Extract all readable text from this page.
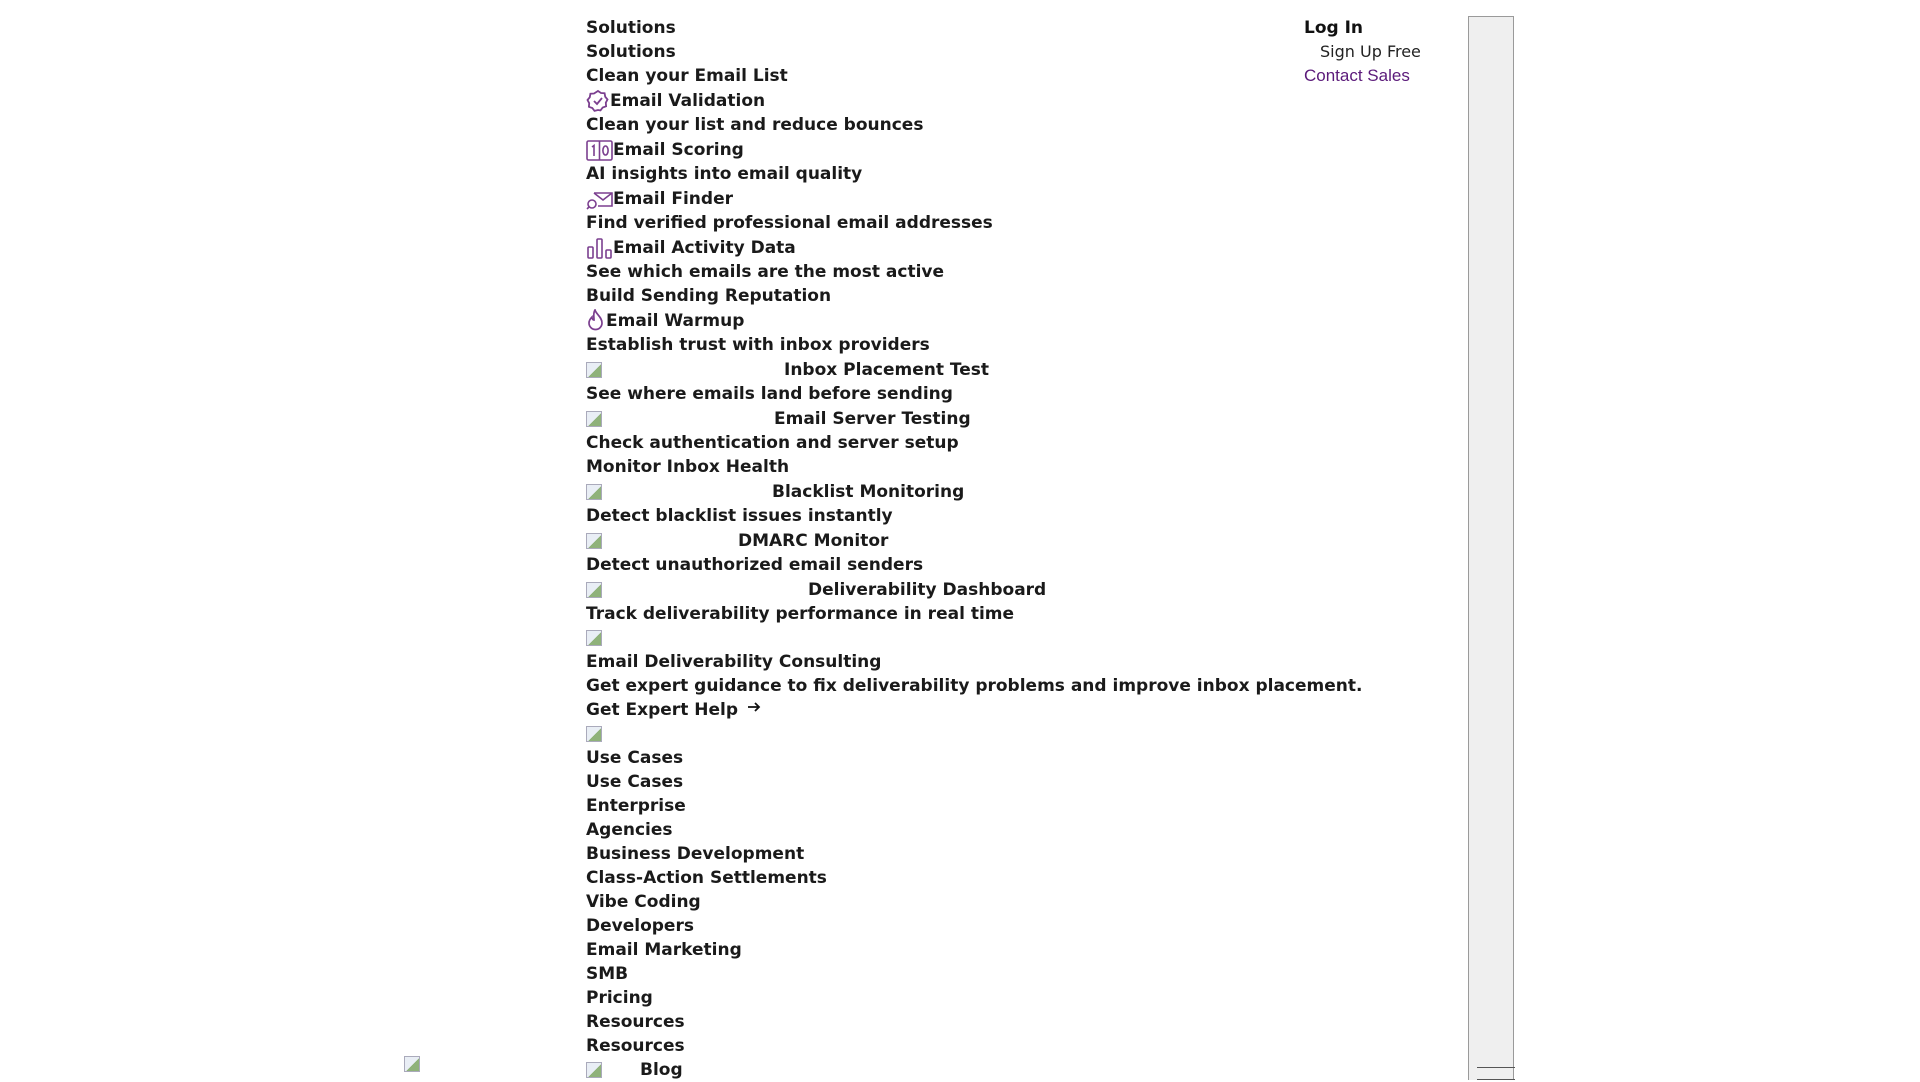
Solutions
Solutions
Clean your Email List
Email Validation
Clean your list and reduce bounces
Email Scoring
AI insights into email quality
Email Finder
Find verified professional email addresses
Email Activity Data
See which emails are the most active
Build Sending Reputation
Email Warmup
Establish trust with inbox providers
Inbox Placement Test
See where emails land before sending
Email Server Testing
Check authentication and server setup
Monitor Inbox Health
Blacklist Monitoring
Detect blacklist issues instantly
DMARC Monitor
Detect unauthorized email senders
Deliverability Dashboard
Track deliverability performance in real time
Email Deliverability Consulting
Get expert guidance to fix deliverability problems and improve inbox placement.
Get Expert Help
Use Cases
Use Cases
Enterprise
Agencies
Business Development
Class-Action Settlements
Vibe Coding
Developers
Email Marketing
SMB
Pricing
Resources
Resources
Blog
Log In
Sign Up Free
Contact Sales
